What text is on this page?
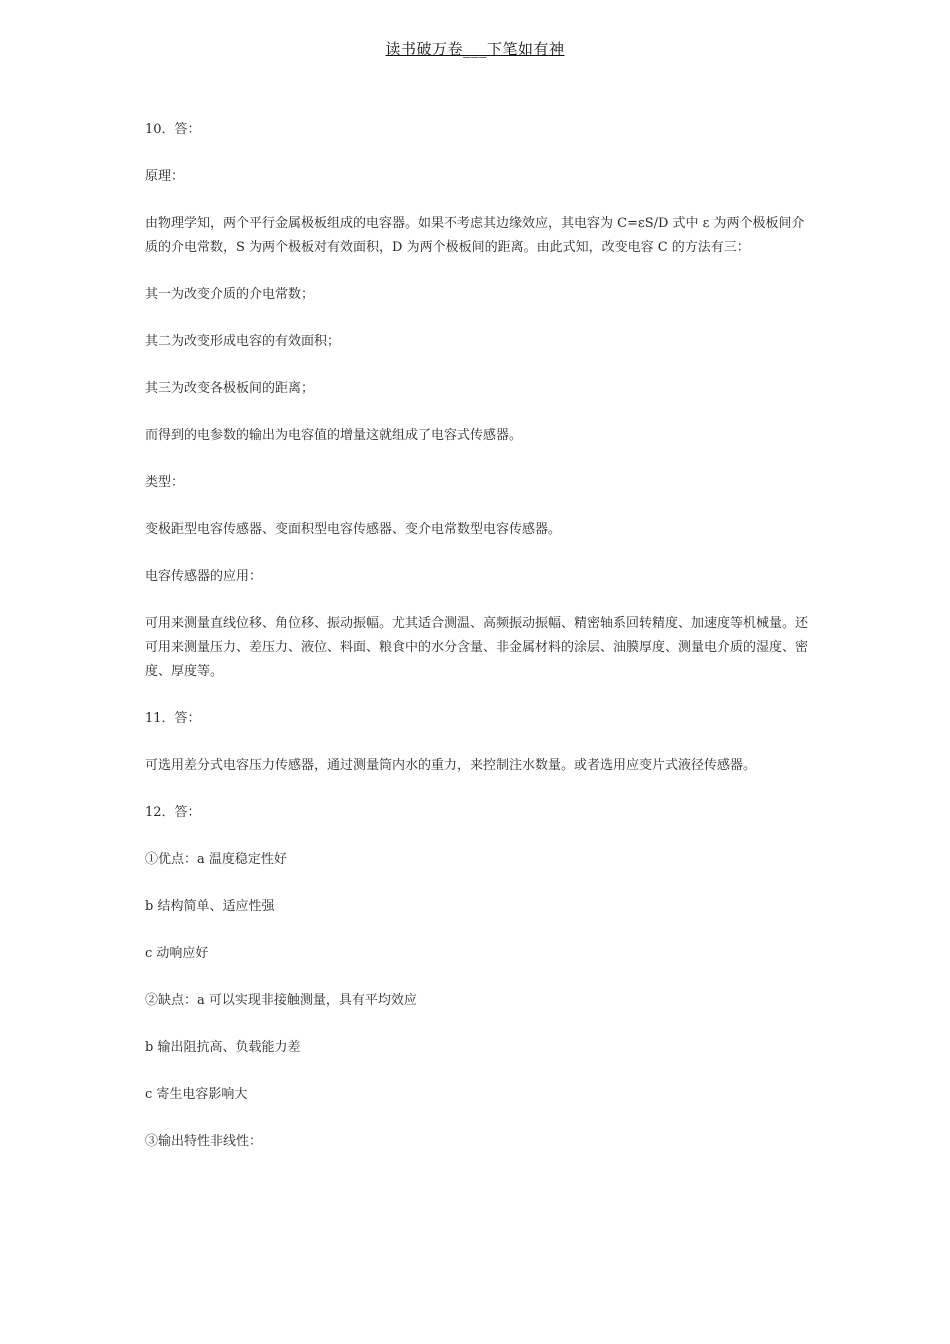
读书破万卷___下笔如有神

10．答：

原理：

由物理学知，两个平行金属极板组成的电容器。如果不考虑其边缘效应，其电容为 C=εS/D 式中 ε 为两个极板间介质的介电常数，S 为两个极板对有效面积，D 为两个极板间的距离。由此式知，改变电容 C 的方法有三：

其一为改变介质的介电常数；

其二为改变形成电容的有效面积；

其三为改变各极板间的距离；

而得到的电参数的输出为电容值的增量这就组成了电容式传感器。

类型：

变极距型电容传感器、变面积型电容传感器、变介电常数型电容传感器。

电容传感器的应用：

可用来测量直线位移、角位移、振动振幅。尤其适合测温、高频振动振幅、精密轴系回转精度、加速度等机械量。还可用来测量压力、差压力、液位、料面、粮食中的水分含量、非金属材料的涂层、油膜厚度、测量电介质的湿度、密度、厚度等。

11．答：

可选用差分式电容压力传感器，通过测量筒内水的重力，来控制注水数量。或者选用应变片式液径传感器。

12．答：

①优点：a 温度稳定性好

b 结构简单、适应性强

c 动响应好

②缺点：a 可以实现非接触测量，具有平均效应

b 输出阻抗高、负载能力差

c 寄生电容影响大

③输出特性非线性：
